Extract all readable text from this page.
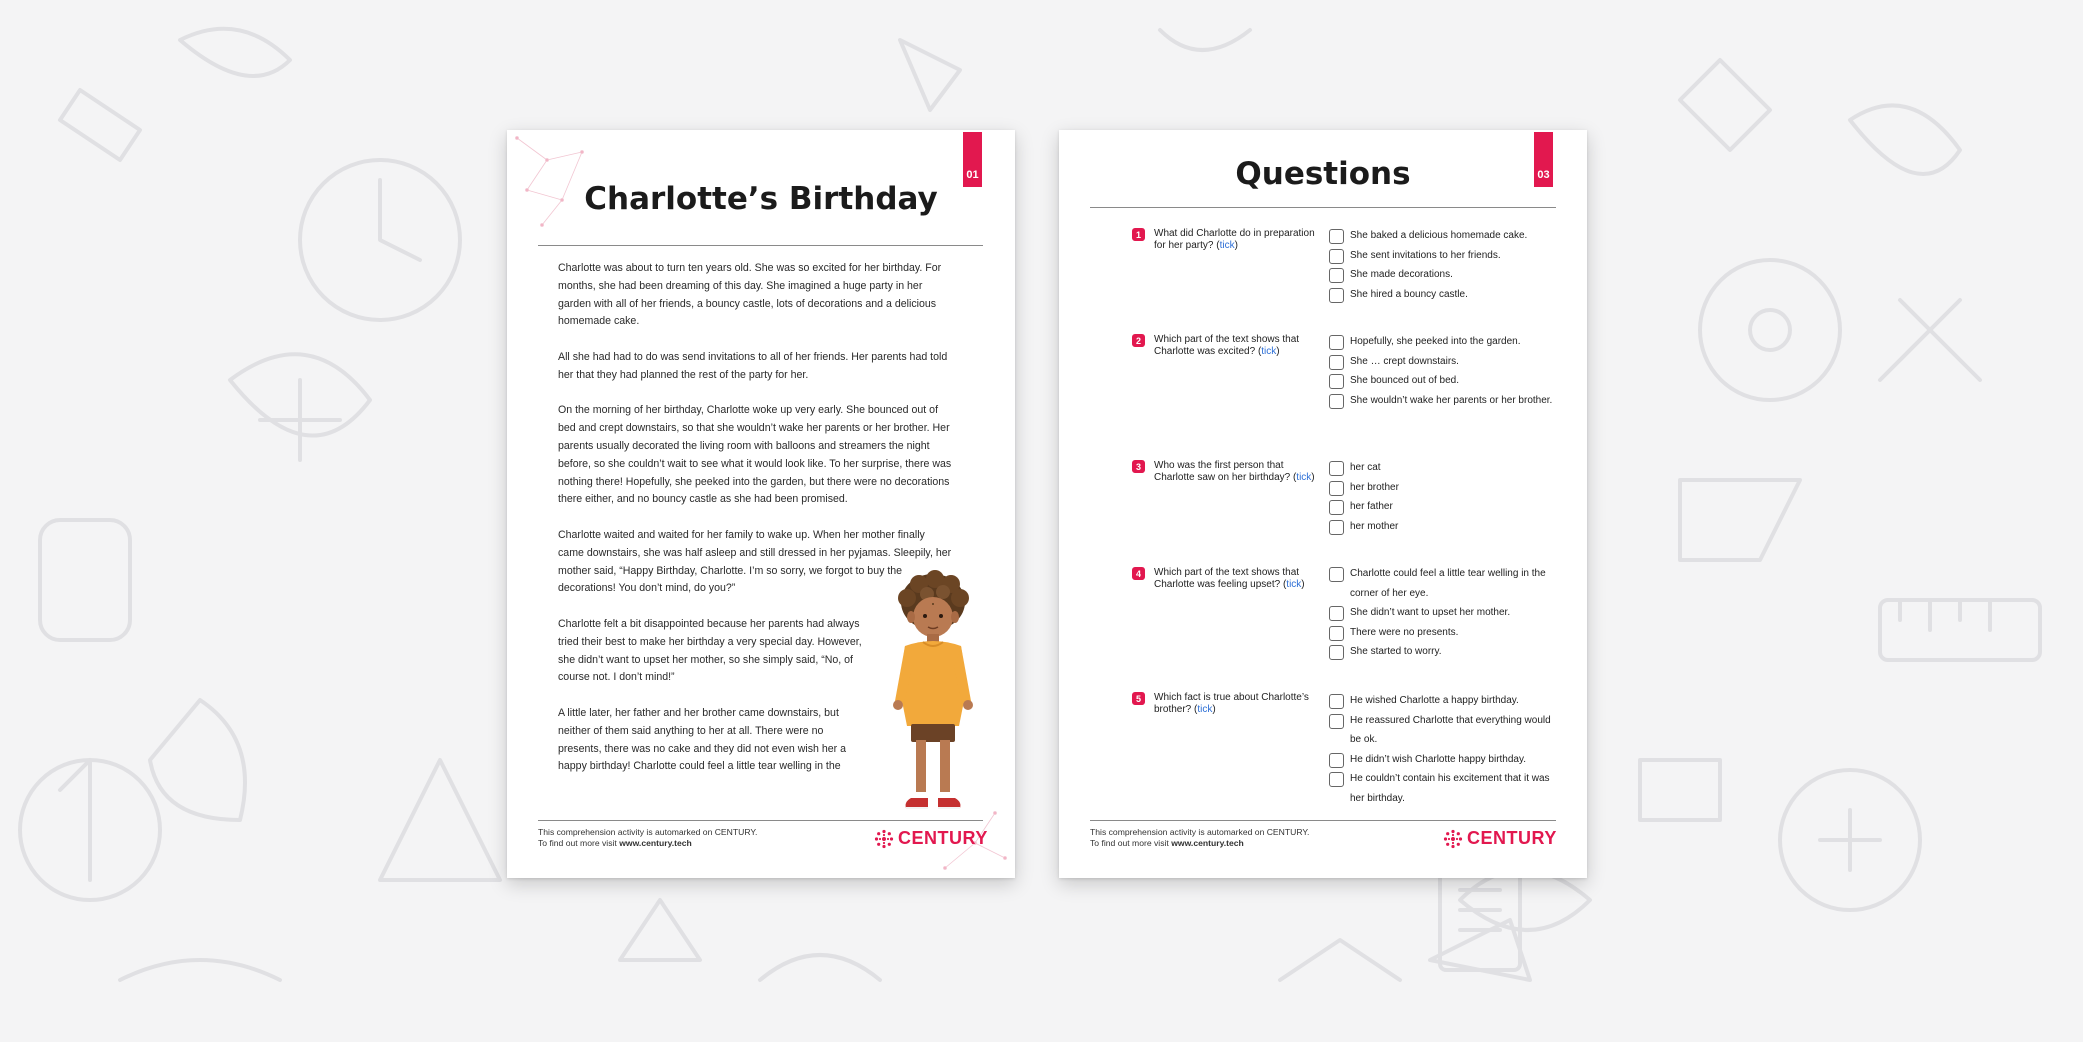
01
Charlotte’s Birthday

Charlotte was about to turn ten years old. She was so excited for her birthday. For months, she had been dreaming of this day. She imagined a huge party in her garden with all of her friends, a bouncy castle, lots of decorations and a delicious homemade cake.

All she had had to do was send invitations to all of her friends. Her parents had told her that they had planned the rest of the party for her.

On the morning of her birthday, Charlotte woke up very early. She bounced out of bed and crept downstairs, so that she wouldn’t wake her parents or her brother. Her parents usually decorated the living room with balloons and streamers the night before, so she couldn’t wait to see what it would look like. To her surprise, there was nothing there! Hopefully, she peeked into the garden, but there were no decorations there either, and no bouncy castle as she had been promised.

Charlotte waited and waited for her family to wake up. When her mother finally came downstairs, she was half asleep and still dressed in her pyjamas. Sleepily, her mother said, “Happy Birthday, Charlotte. I’m so sorry, we forgot to buy the decorations! You don’t mind, do you?”

Charlotte felt a bit disappointed because her parents had always tried their best to make her birthday a very special day. However, she didn’t want to upset her mother, so she simply said, “No, of course not. I don’t mind!”

A little later, her father and her brother came downstairs, but neither of them said anything to her at all. There were no presents, there was no cake and they did not even wish her a happy birthday! Charlotte could feel a little tear welling in the

This comprehension activity is automarked on CENTURY.
To find out more visit www.century.tech	CENTURY
03
Questions
1	What did Charlotte do in preparation for her party? (tick)
She baked a delicious homemade cake.
She sent invitations to her friends.
She made decorations.
She hired a bouncy castle.
2	Which part of the text shows that Charlotte was excited? (tick)
Hopefully, she peeked into the garden.
She … crept downstairs.
She bounced out of bed.
She wouldn’t wake her parents or her brother.
3	Who was the first person that Charlotte saw on her birthday? (tick)
her cat
her brother
her father
her mother
4	Which part of the text shows that Charlotte was feeling upset? (tick)
Charlotte could feel a little tear welling in the corner of her eye.
She didn’t want to upset her mother.
There were no presents.
She started to worry.
5	Which fact is true about Charlotte’s brother? (tick)
He wished Charlotte a happy birthday.
He reassured Charlotte that everything would be ok.
He didn’t wish Charlotte happy birthday.
He couldn’t contain his excitement that it was her birthday.
This comprehension activity is automarked on CENTURY.
To find out more visit www.century.tech	CENTURY
